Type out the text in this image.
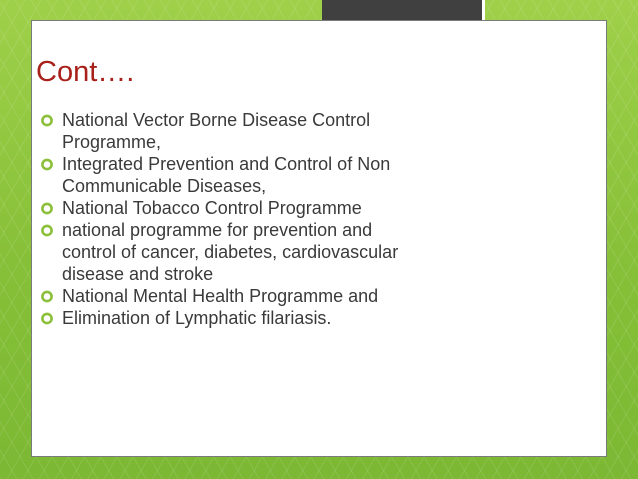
Cont….
National Vector Borne Disease Control
Programme,
Integrated Prevention and Control of Non
Communicable Diseases,
National Tobacco Control Programme
national programme for prevention and
control of cancer, diabetes, cardiovascular
disease and stroke
National Mental Health Programme and
Elimination of Lymphatic filariasis.
